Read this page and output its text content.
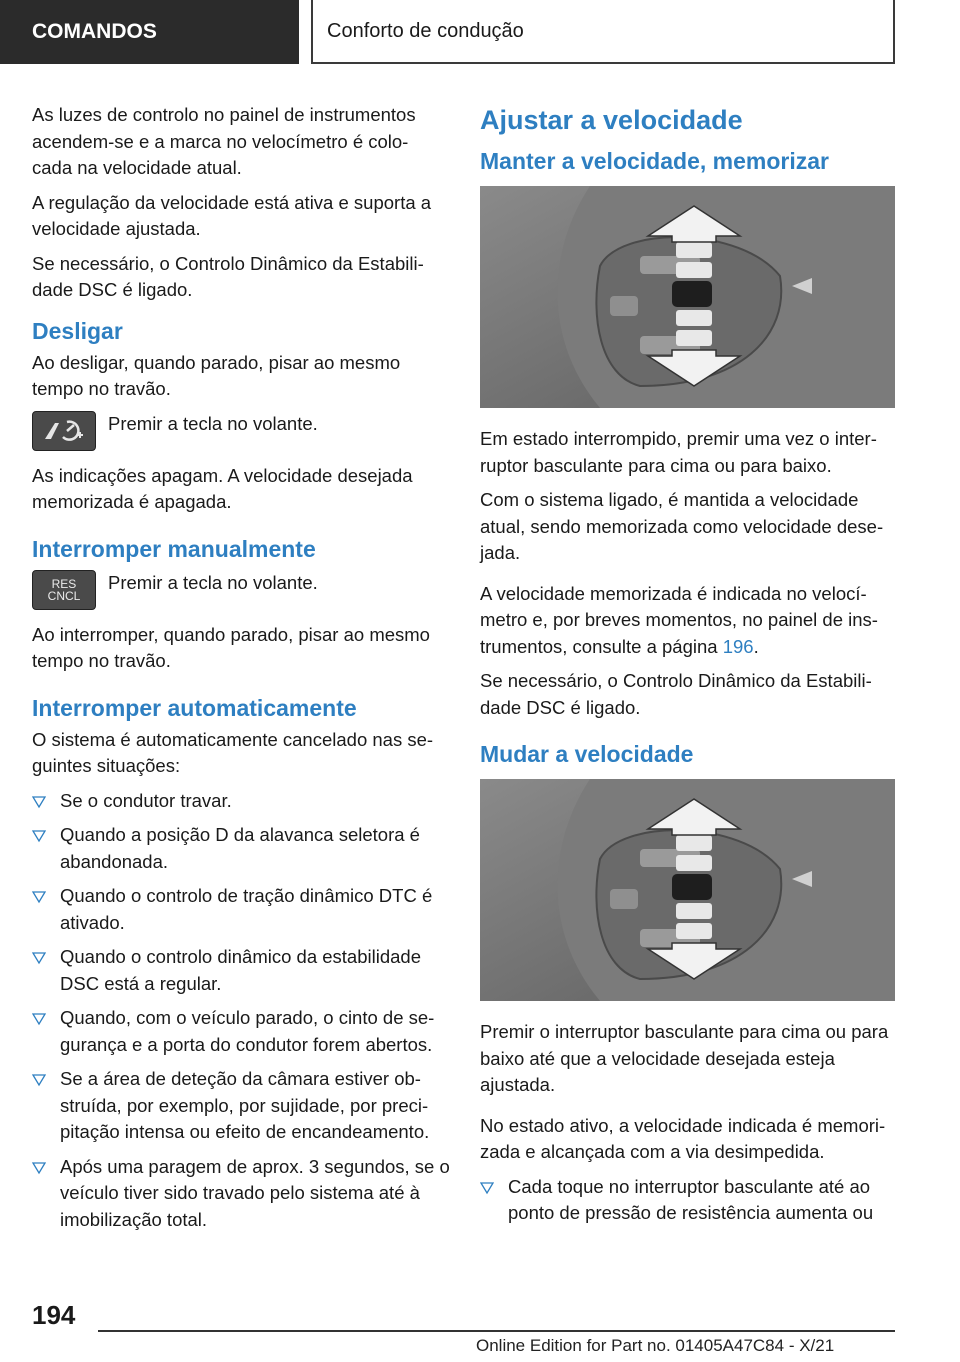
COMANDOS	Conforto de condução

As luzes de controlo no painel de instrumentos acendem-se e a marca no velocímetro é colo- cada na velocidade atual.

A regulação da velocidade está ativa e suporta a velocidade ajustada.

Se necessário, o Controlo Dinâmico da Estabili- dade DSC é ligado.

Desligar

Ao desligar, quando parado, pisar ao mesmo tempo no travão.

Premir a tecla no volante.

As indicações apagam. A velocidade desejada memorizada é apagada.

Interromper manualmente
RES
CNCL
Premir a tecla no volante.

Ao interromper, quando parado, pisar ao mesmo tempo no travão.

Interromper automaticamente

O sistema é automaticamente cancelado nas se- guintes situações:

Se o condutor travar.
Quando a posição D da alavanca seletora é abandonada.
Quando o controlo de tração dinâmico DTC é ativado.
Quando o controlo dinâmico da estabilidade DSC está a regular.
Quando, com o veículo parado, o cinto de se- gurança e a porta do condutor forem abertos.
Se a área de deteção da câmara estiver ob- struída, por exemplo, por sujidade, por preci- pitação intensa ou efeito de encandeamento.
Após uma paragem de aprox. 3 segundos, se o veículo tiver sido travado pelo sistema até à imobilização total.
Ajustar a velocidade
Manter a velocidade, memorizar

Em estado interrompido, premir uma vez o inter- ruptor basculante para cima ou para baixo.

Com o sistema ligado, é mantida a velocidade atual, sendo memorizada como velocidade dese- jada.

A velocidade memorizada é indicada no velocí- metro e, por breves momentos, no painel de ins- trumentos, consulte a página 196.

Se necessário, o Controlo Dinâmico da Estabili- dade DSC é ligado.

Mudar a velocidade

Premir o interruptor basculante para cima ou para baixo até que a velocidade desejada esteja ajustada.

No estado ativo, a velocidade indicada é memori- zada e alcançada com a via desimpedida.

Cada toque no interruptor basculante até ao ponto de pressão de resistência aumenta ou
194
Online Edition for Part no. 01405A47C84 - X/21
